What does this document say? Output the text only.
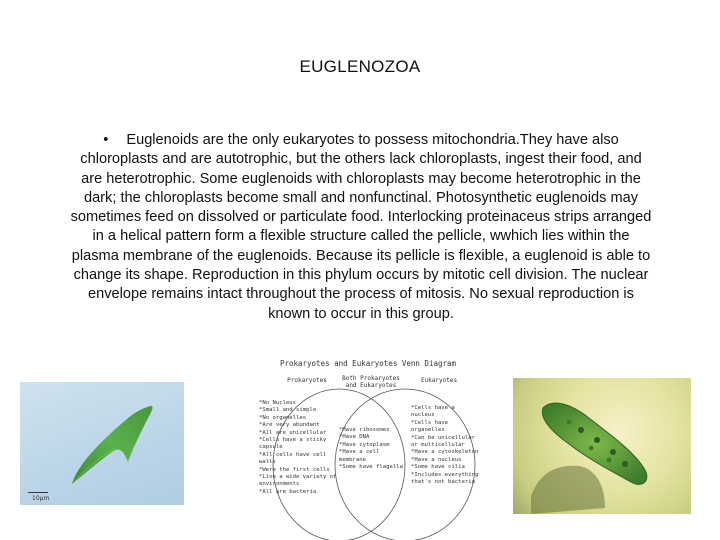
EUGLENOZOA

• Euglenoids are the only eukaryotes to possess mitochondria.They have also chloroplasts and are autotrophic, but the others lack chloroplasts, ingest their food, and are heterotrophic. Some euglenoids with chloroplasts may become heterotrophic in the dark; the chloroplasts become small and nonfunctinal. Photosynthetic euglenoids may sometimes feed on dissolved or particulate food. Interlocking proteinaceus strips arranged in a helical pattern form a flexible structure called the pellicle, wwhich lies within the plasma membrane of the euglenoids. Because its pellicle is flexible, a euglenoid is able to change its shape. Reproduction in this phylum occurs by mitotic cell division. The nuclear envelope remains intact throughout the process of mitosis. No sexual reproduction is known to occur in this group.

10μm
Prokaryotes and Eukaryotes Venn Diagram
Prokaryotes	Both Prokaryotes and Eukaryotes
Eukaryotes
*No Nucleus
*Small and simple
*No organelles
*Are very abundant
*All are unicellular
*Cells have a sticky capsule
*All cells have cell walls
*Were the first cells
*Live a wide variety of environments
*All are bacteria
*Have ribosomes
*Have DNA
*Have cytoplasm
*Have a cell membrane
*Some have flagella
*Cells have a nucleus
*Cells have organelles
*Can be unicellular or multicellular
*Have a cytoskeleton
*Have a nucleus
*Some have cilia
*Includes everything that's not bacteria
